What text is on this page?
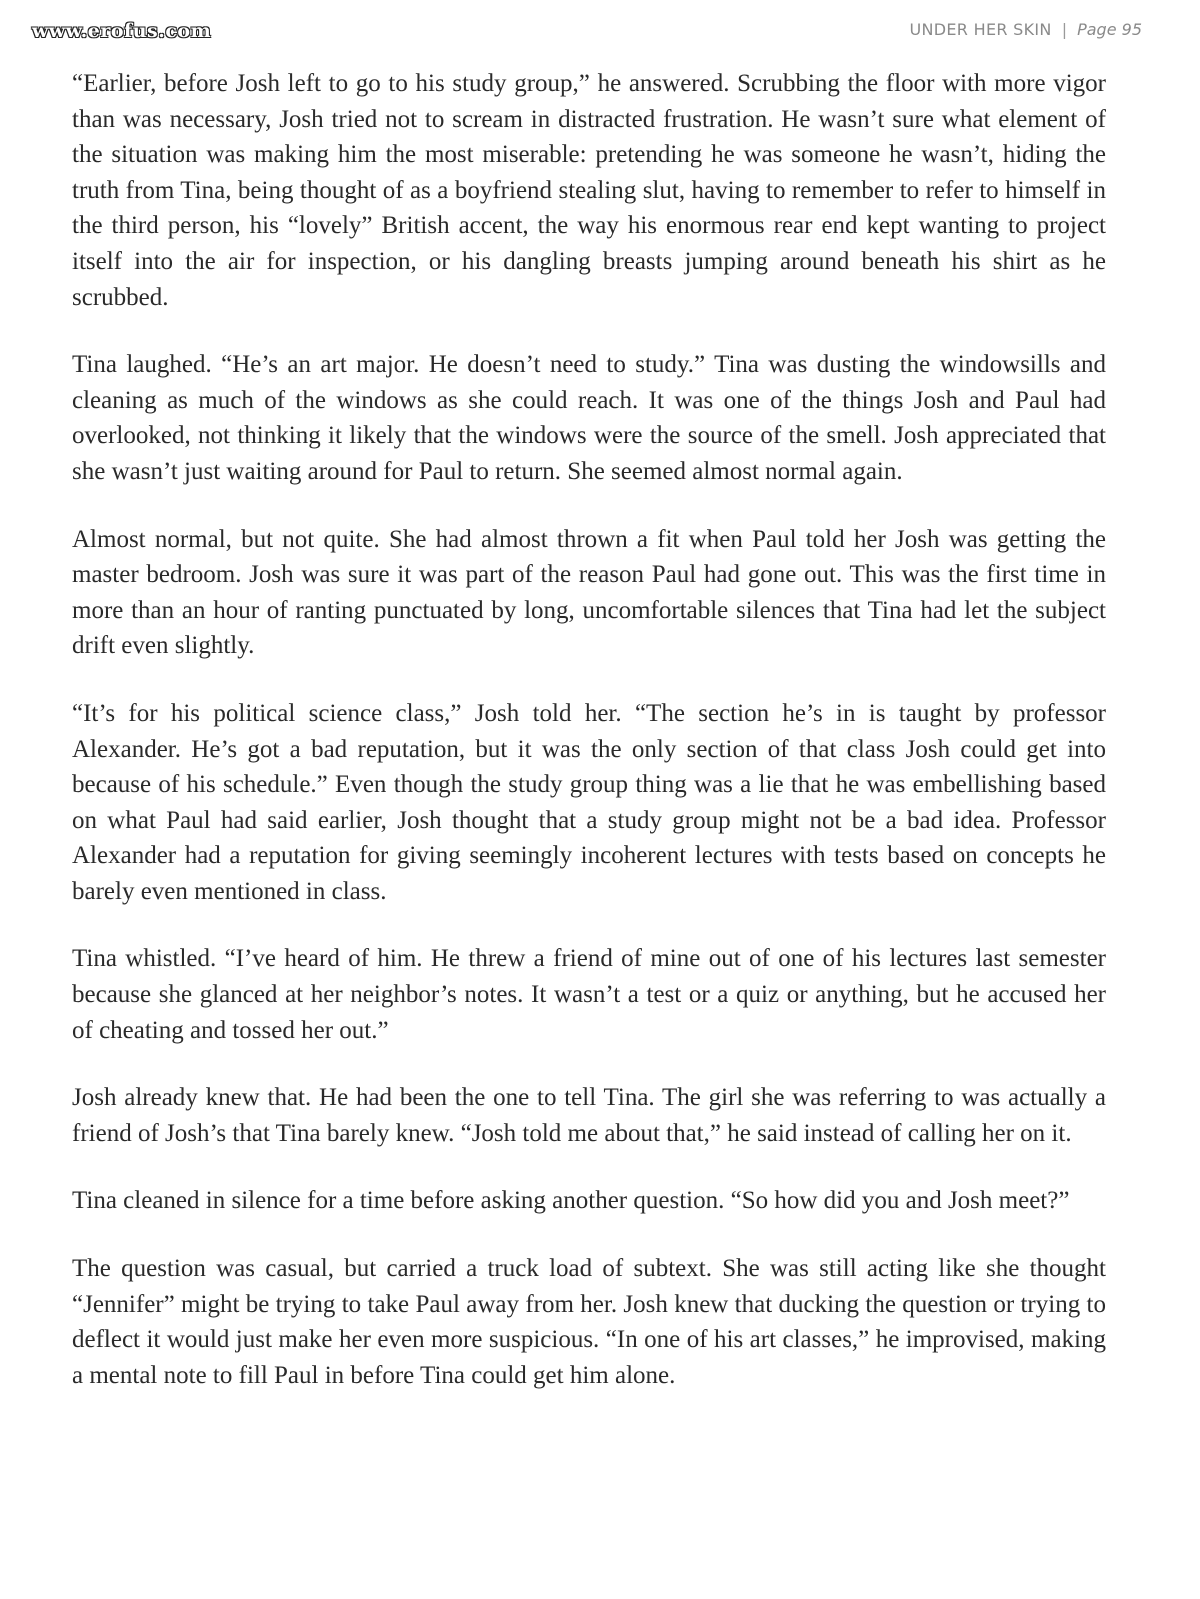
www.erofus.com	UNDER HER SKIN | Page 95

“Earlier, before Josh left to go to his study group,” he answered. Scrubbing the floor with more vigor than was necessary, Josh tried not to scream in distracted frustration. He wasn’t sure what element of the situation was making him the most miserable: pretending he was someone he wasn’t, hiding the truth from Tina, being thought of as a boyfriend stealing slut, having to remember to refer to himself in the third person, his “lovely” British accent, the way his enormous rear end kept wanting to project itself into the air for inspection, or his dangling breasts jumping around beneath his shirt as he scrubbed.

Tina laughed. “He’s an art major. He doesn’t need to study.” Tina was dusting the windowsills and cleaning as much of the windows as she could reach. It was one of the things Josh and Paul had overlooked, not thinking it likely that the windows were the source of the smell. Josh appreciated that she wasn’t just waiting around for Paul to return. She seemed almost normal again.

Almost normal, but not quite. She had almost thrown a fit when Paul told her Josh was getting the master bedroom. Josh was sure it was part of the reason Paul had gone out. This was the first time in more than an hour of ranting punctuated by long, uncomfortable silences that Tina had let the subject drift even slightly.

“It’s for his political science class,” Josh told her. “The section he’s in is taught by professor Alexander. He’s got a bad reputation, but it was the only section of that class Josh could get into because of his schedule.” Even though the study group thing was a lie that he was embellishing based on what Paul had said earlier, Josh thought that a study group might not be a bad idea. Professor Alexander had a reputation for giving seemingly incoherent lectures with tests based on concepts he barely even mentioned in class.

Tina whistled. “I’ve heard of him. He threw a friend of mine out of one of his lectures last semester because she glanced at her neighbor’s notes. It wasn’t a test or a quiz or anything, but he accused her of cheating and tossed her out.”

Josh already knew that. He had been the one to tell Tina. The girl she was referring to was actually a friend of Josh’s that Tina barely knew. “Josh told me about that,” he said instead of calling her on it.

Tina cleaned in silence for a time before asking another question. “So how did you and Josh meet?”

The question was casual, but carried a truck load of subtext. She was still acting like she thought “Jennifer” might be trying to take Paul away from her. Josh knew that ducking the question or trying to deflect it would just make her even more suspicious. “In one of his art classes,” he improvised, making a mental note to fill Paul in before Tina could get him alone.
